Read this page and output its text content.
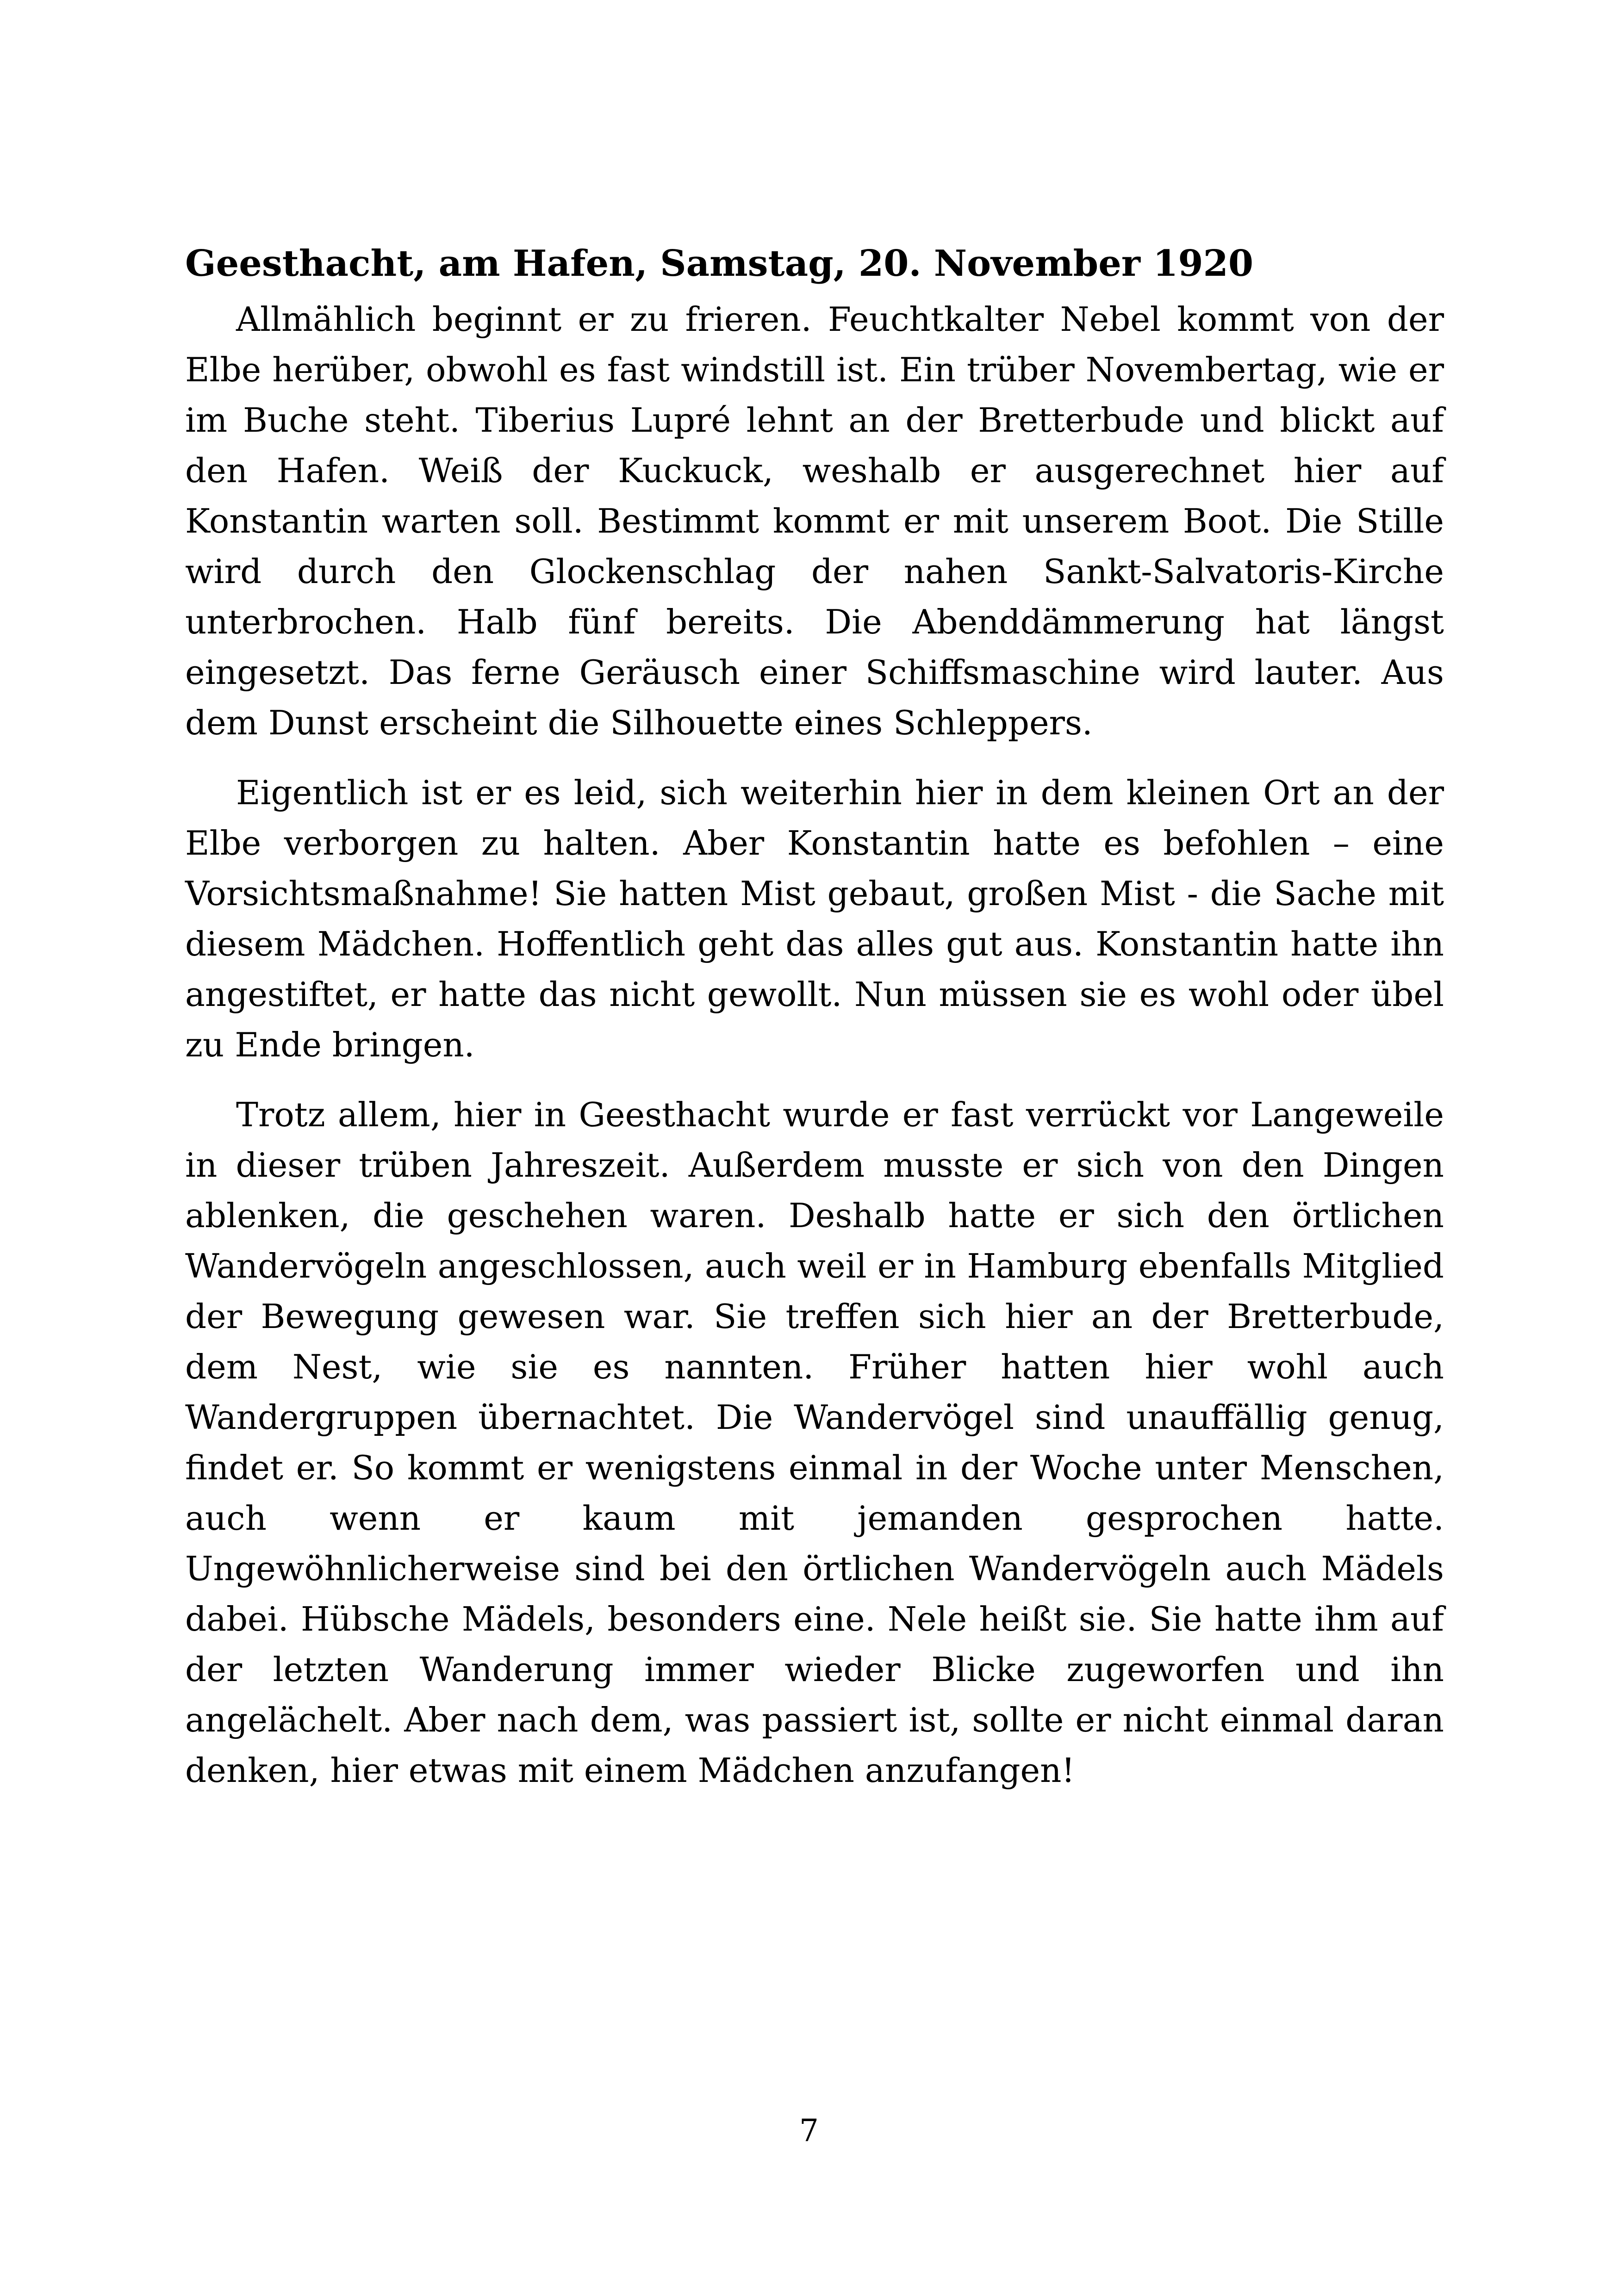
Geesthacht, am Hafen, Samstag, 20. November 1920

Allmählich beginnt er zu frieren. Feuchtkalter Nebel kommt von der Elbe herüber, obwohl es fast windstill ist. Ein trüber Novembertag, wie er im Buche steht. Tiberius Lupré lehnt an der Bretterbude und blickt auf den Hafen. Weiß der Kuckuck, weshalb er ausgerechnet hier auf Konstantin warten soll. Bestimmt kommt er mit unserem Boot. Die Stille wird durch den Glockenschlag der nahen Sankt-Salvatoris-Kirche unterbrochen. Halb fünf bereits. Die Abenddämmerung hat längst eingesetzt. Das ferne Geräusch einer Schiffsmaschine wird lauter. Aus dem Dunst erscheint die Silhouette eines Schleppers.

Eigentlich ist er es leid, sich weiterhin hier in dem kleinen Ort an der Elbe verborgen zu halten. Aber Konstantin hatte es befohlen – eine Vorsichtsmaßnahme! Sie hatten Mist gebaut, großen Mist - die Sache mit diesem Mädchen. Hoffentlich geht das alles gut aus. Konstantin hatte ihn angestiftet, er hatte das nicht gewollt. Nun müssen sie es wohl oder übel zu Ende bringen.

Trotz allem, hier in Geesthacht wurde er fast verrückt vor Langeweile in dieser trüben Jahreszeit. Außerdem musste er sich von den Dingen ablenken, die geschehen waren. Deshalb hatte er sich den örtlichen Wandervögeln angeschlossen, auch weil er in Hamburg ebenfalls Mitglied der Bewegung gewesen war. Sie treffen sich hier an der Bretterbude, dem Nest, wie sie es nannten. Früher hatten hier wohl auch Wandergruppen übernachtet. Die Wandervögel sind unauffällig genug, findet er. So kommt er wenigstens einmal in der Woche unter Menschen, auch wenn er kaum mit jemanden gesprochen hatte. Ungewöhnlicherweise sind bei den örtlichen Wandervögeln auch Mädels dabei. Hübsche Mädels, besonders eine. Nele heißt sie. Sie hatte ihm auf der letzten Wanderung immer wieder Blicke zugeworfen und ihn angelächelt. Aber nach dem, was passiert ist, sollte er nicht einmal daran denken, hier etwas mit einem Mädchen anzufangen!

7
